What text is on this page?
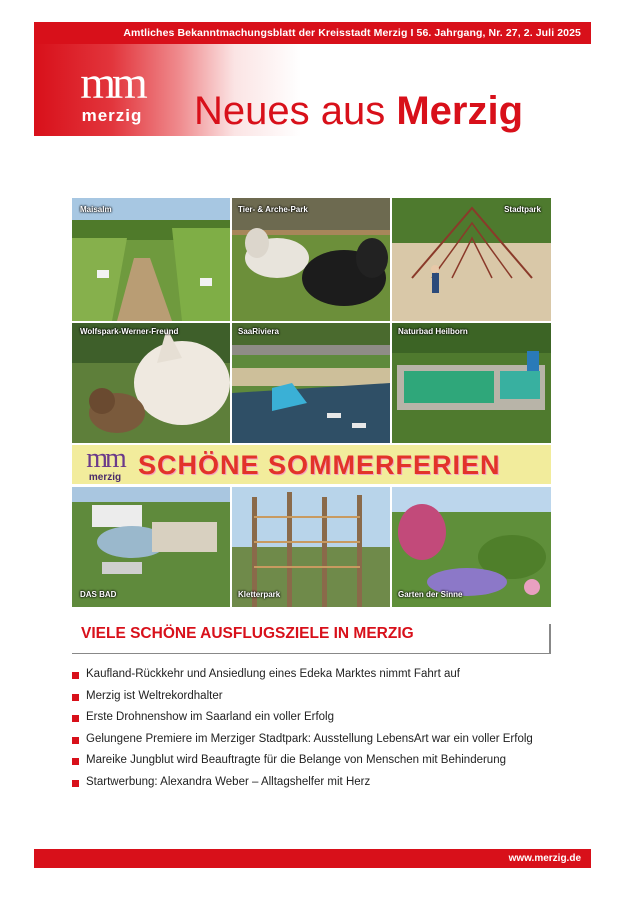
Amtliches Bekanntmachungsblatt der Kreisstadt Merzig I 56. Jahrgang, Nr. 27, 2. Juli 2025
mm
merzig Neues aus Merzig
Maisalm	Tier- & Arche-Park	Stadtpark
Wolfspark-Werner-Freund	SaaRiviera	Naturbad Heilborn
mm
merzig SCHÖNE SOMMERFERIEN
DAS BAD	Kletterpark	Garten der Sinne
VIELE SCHÖNE AUSFLUGSZIELE IN MERZIG
Kaufland-Rückkehr und Ansiedlung eines Edeka Marktes nimmt Fahrt auf
Merzig ist Weltrekordhalter
Erste Drohnenshow im Saarland ein voller Erfolg
Gelungene Premiere im Merziger Stadtpark: Ausstellung LebensArt war ein voller Erfolg
Mareike Jungblut wird Beauftragte für die Belange von Menschen mit Behinderung
Startwerbung: Alexandra Weber – Alltagshelfer mit Herz
www.merzig.de
